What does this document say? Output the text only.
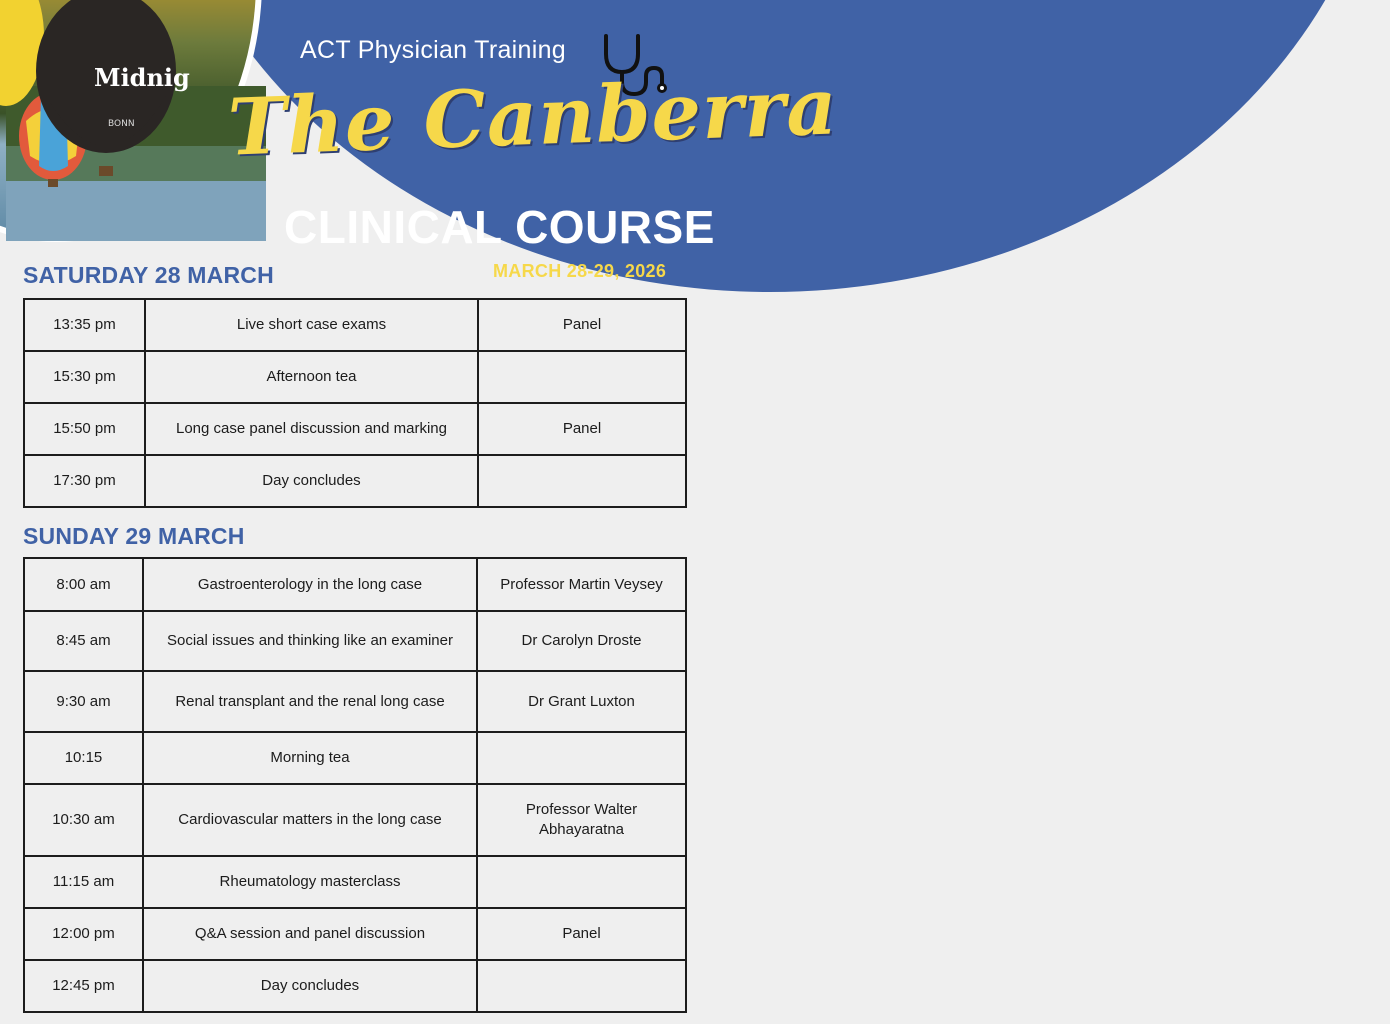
Midnig
BONN
ACT Physician Training
The Canberra
CLINICAL COURSE
MARCH 28-29, 2026
SATURDAY 28 MARCH
13:35 pm	Live short case exams	Panel
15:30 pm	Afternoon tea	
15:50 pm	Long case panel discussion and marking	Panel
17:30 pm	Day concludes	
SUNDAY 29 MARCH
8:00 am	Gastroenterology in the long case	Professor Martin Veysey
8:45 am	Social issues and thinking like an examiner	Dr Carolyn Droste
9:30 am	Renal transplant and the renal long case	Dr Grant Luxton
10:15	Morning tea	
10:30 am	Cardiovascular matters in the long case	Professor Walter Abhayaratna
11:15 am	Rheumatology masterclass	
12:00 pm	Q&A session and panel discussion	Panel
12:45 pm	Day concludes	
